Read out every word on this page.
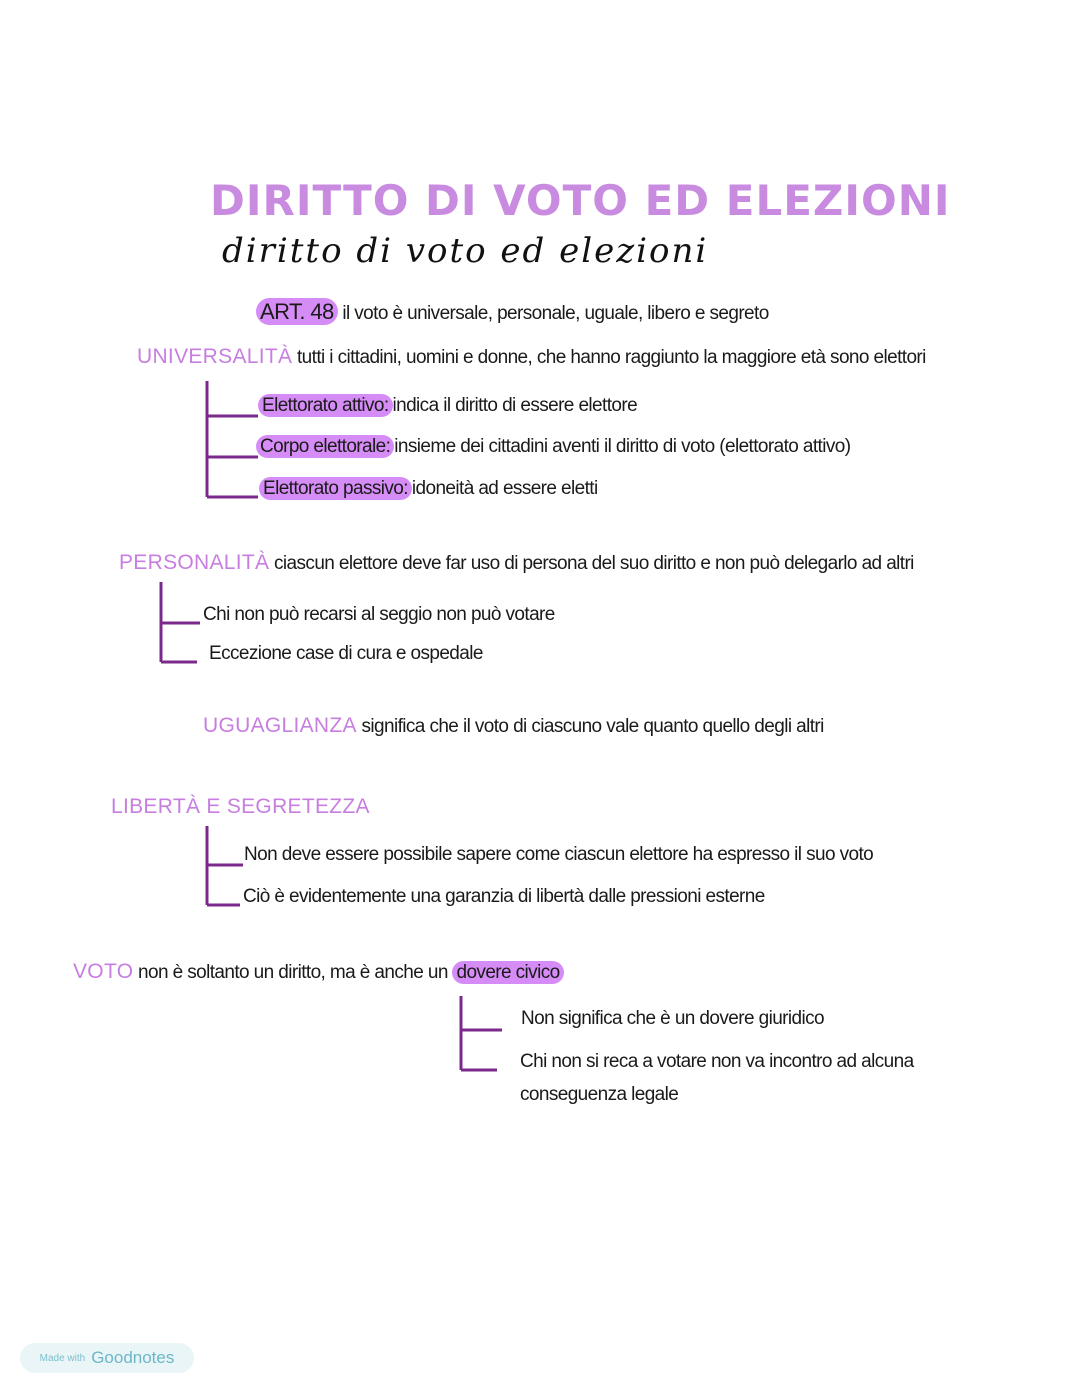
DIRITTO DI VOTO ED ELEZIONI
diritto di voto ed elezioni
ART. 48 il voto è universale, personale, uguale, libero e segreto
UNIVERSALITÀ tutti i cittadini, uomini e donne, che hanno raggiunto la maggiore età sono elettori
Elettorato attivo: indica il diritto di essere elettore
Corpo elettorale: insieme dei cittadini aventi il diritto di voto (elettorato attivo)
Elettorato passivo: idoneità ad essere eletti
PERSONALITÀ ciascun elettore deve far uso di persona del suo diritto e non può delegarlo ad altri
Chi non può recarsi al seggio non può votare
Eccezione case di cura e ospedale
UGUAGLIANZA significa che il voto di ciascuno vale quanto quello degli altri
LIBERTÀ E SEGRETEZZA
Non deve essere possibile sapere come ciascun elettore ha espresso il suo voto
Ciò è evidentemente una garanzia di libertà dalle pressioni esterne
VOTO non è soltanto un diritto, ma è anche un dovere civico
Non significa che è un dovere giuridico
Chi non si reca a votare non va incontro ad alcuna
conseguenza legale
Made with Goodnotes
